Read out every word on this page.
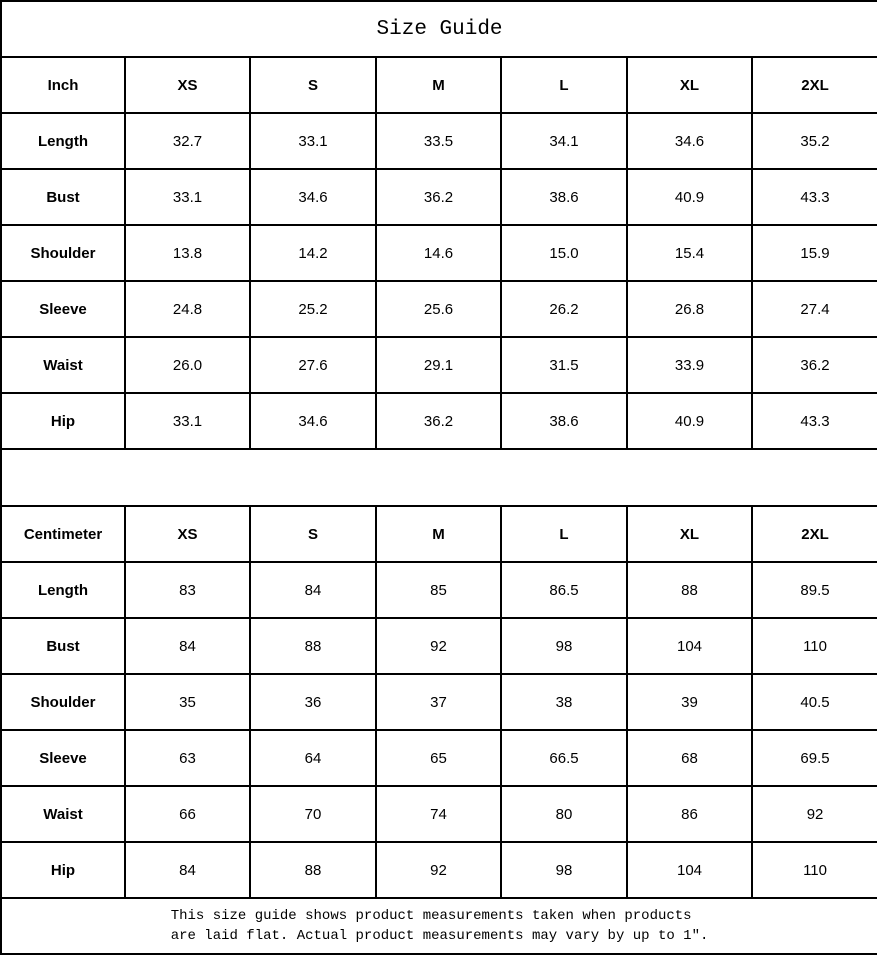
Size Guide						
Inch	XS	S	M	L	XL	2XL
Length	32.7	33.1	33.5	34.1	34.6	35.2
Bust	33.1	34.6	36.2	38.6	40.9	43.3
Shoulder	13.8	14.2	14.6	15.0	15.4	15.9
Sleeve	24.8	25.2	25.6	26.2	26.8	27.4
Waist	26.0	27.6	29.1	31.5	33.9	36.2
Hip	33.1	34.6	36.2	38.6	40.9	43.3

Centimeter	XS	S	M	L	XL	2XL
Length	83	84	85	86.5	88	89.5
Bust	84	88	92	98	104	110
Shoulder	35	36	37	38	39	40.5
Sleeve	63	64	65	66.5	68	69.5
Waist	66	70	74	80	86	92
Hip	84	88	92	98	104	110

This size guide shows product measurements taken when products
are laid flat. Actual product measurements may vary by up to 1″.						
